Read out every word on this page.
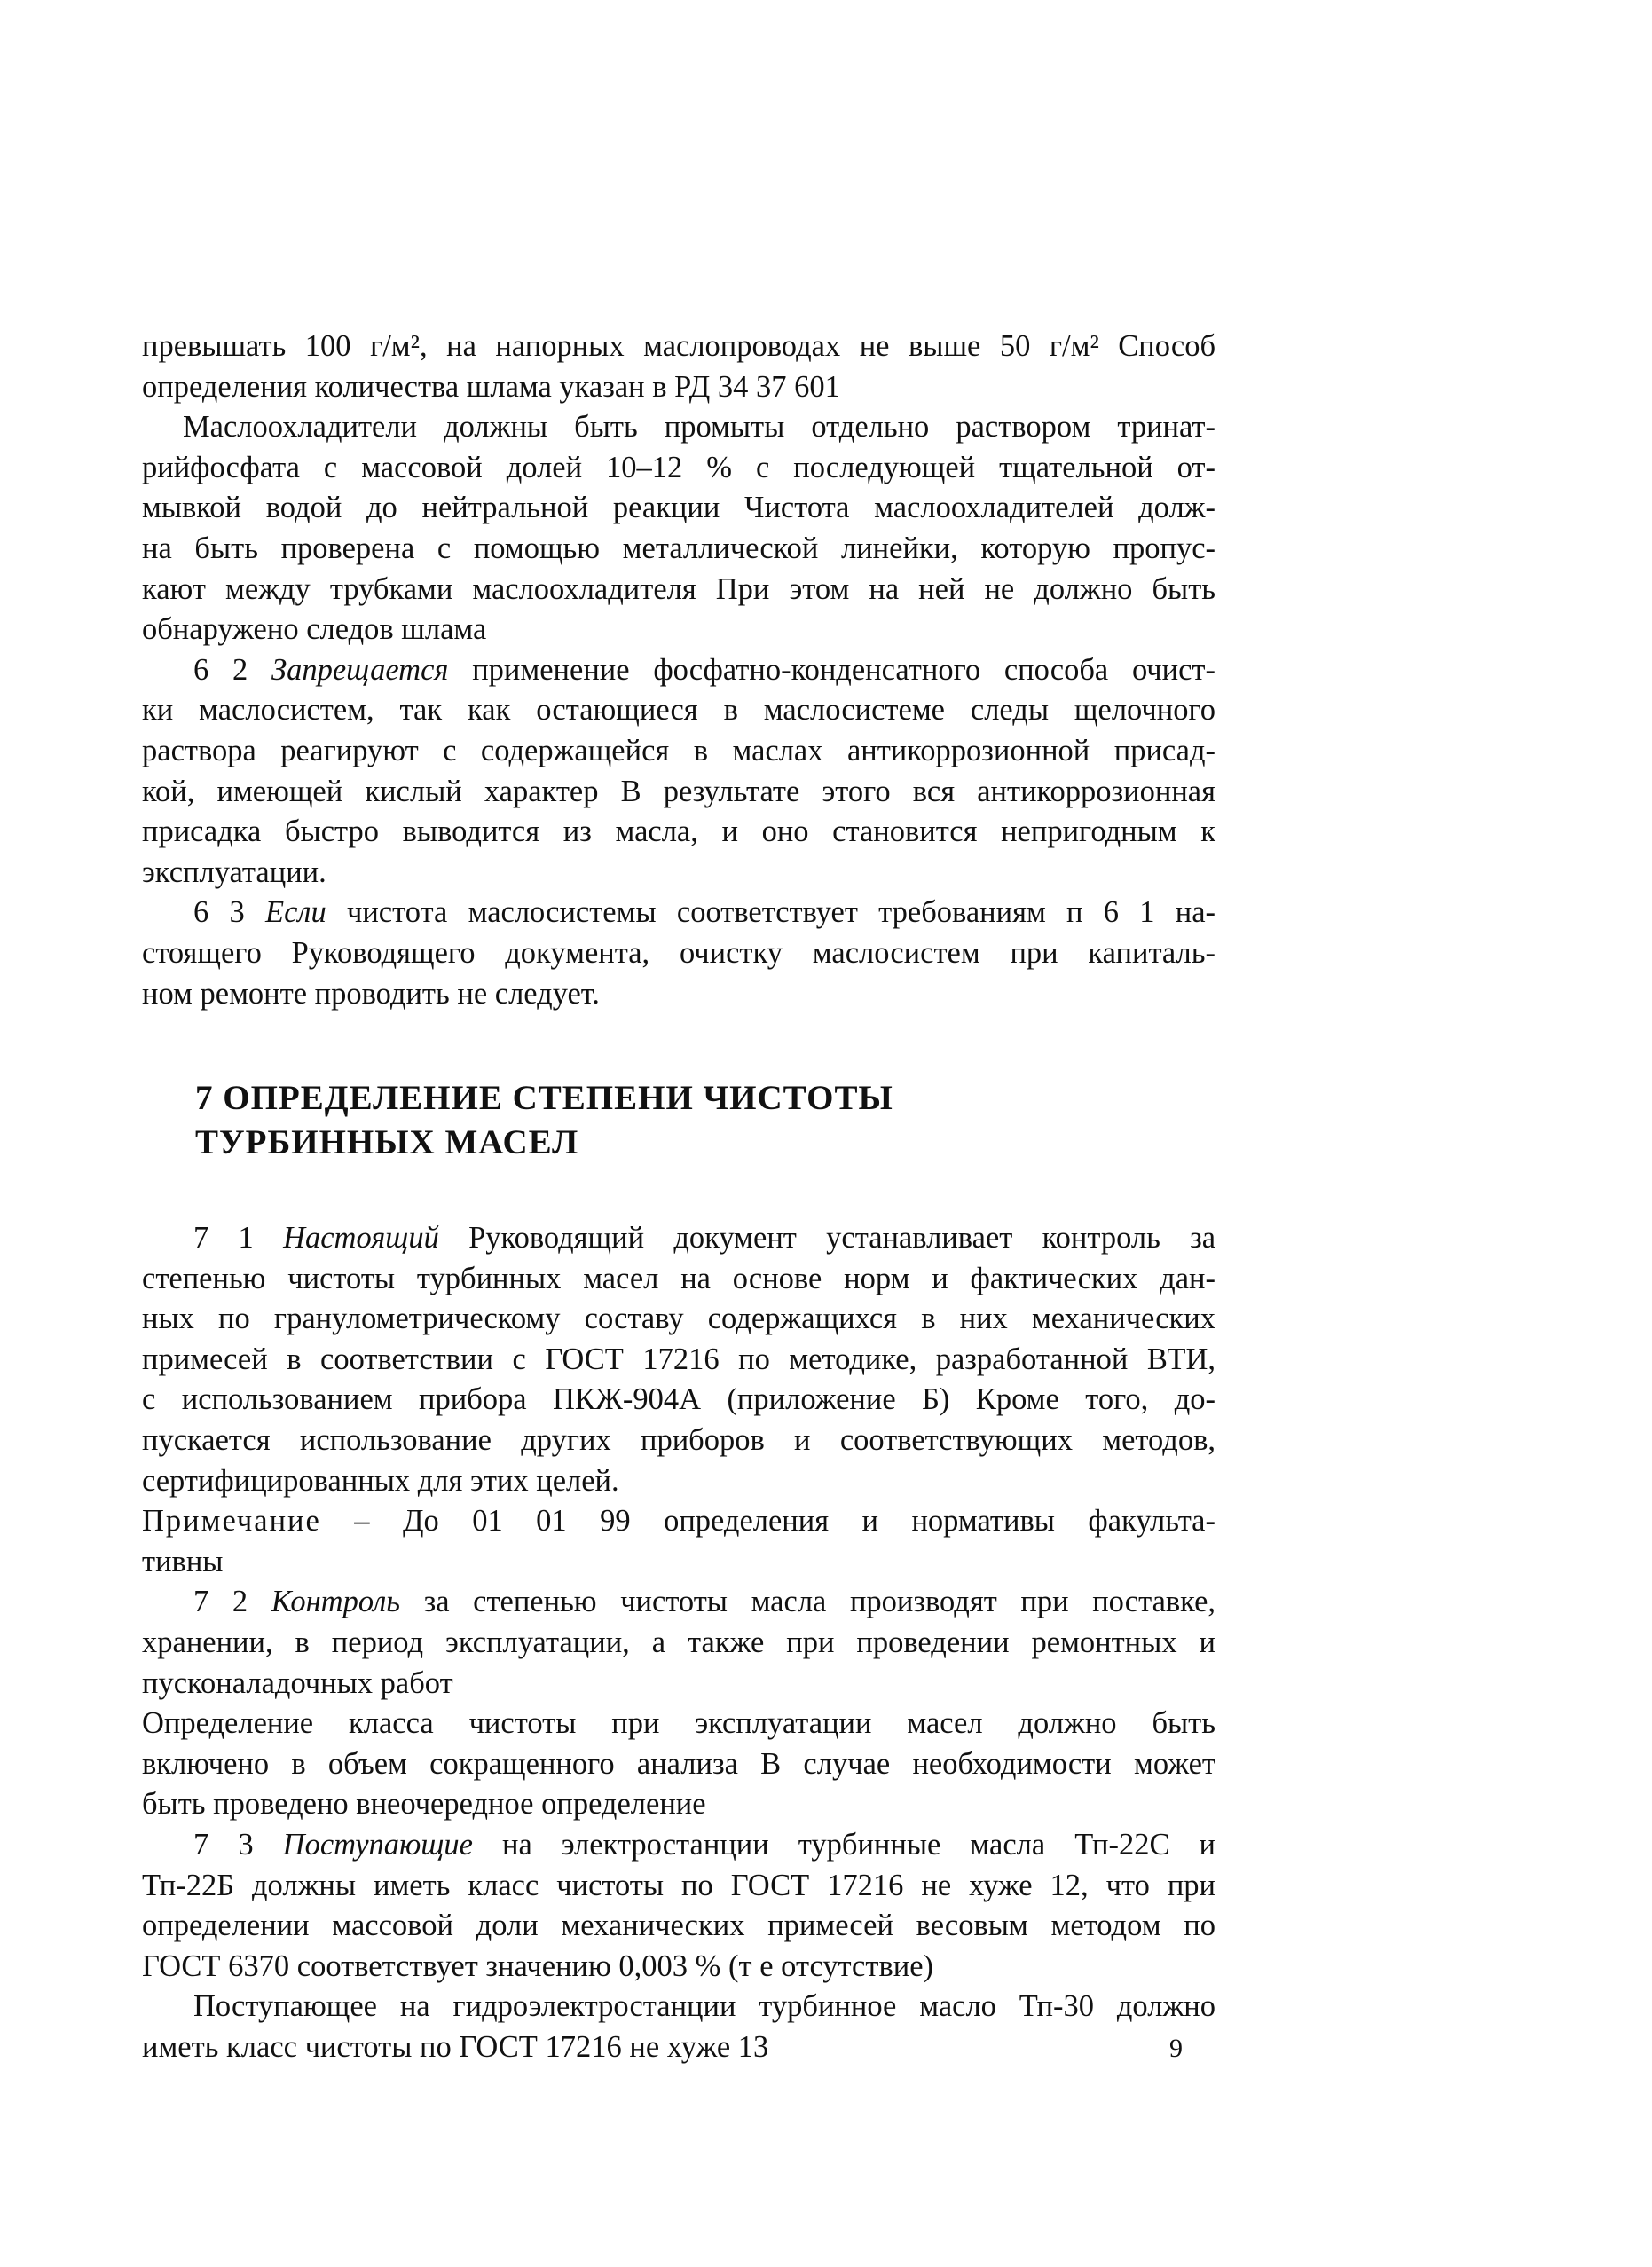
превышать 100 г/м², на напорных маслопроводах не выше 50 г/м² Способ
определения количества шлама указан в РД 34 37 601
Маслоохладители должны быть промыты отдельно раствором тринат-
рийфосфата с массовой долей 10–12 % с последующей тщательной от-
мывкой водой до нейтральной реакции Чистота маслоохладителей долж-
на быть проверена с помощью металлической линейки, которую пропус-
кают между трубками маслоохладителя При этом на ней не должно быть
обнаружено следов шлама
6 2 Запрещается применение фосфатно-конденсатного способа очист-
ки маслосистем, так как остающиеся в маслосистеме следы щелочного
раствора реагируют с содержащейся в маслах антикоррозионной присад-
кой, имеющей кислый характер В результате этого вся антикоррозионная
присадка быстро выводится из масла, и оно становится непригодным к
эксплуатации.
6 3 Если чистота маслосистемы соответствует требованиям п 6 1 на-
стоящего Руководящего документа, очистку маслосистем при капиталь-
ном ремонте проводить не следует.
7 ОПРЕДЕЛЕНИЕ СТЕПЕНИ ЧИСТОТЫ
ТУРБИННЫХ МАСЕЛ
7 1 Настоящий Руководящий документ устанавливает контроль за
степенью чистоты турбинных масел на основе норм и фактических дан-
ных по гранулометрическому составу содержащихся в них механических
примесей в соответствии с ГОСТ 17216 по методике, разработанной ВТИ,
с использованием прибора ПКЖ-904А (приложение Б) Кроме того, до-
пускается использование других приборов и соответствующих методов,
сертифицированных для этих целей.
Примечание – До 01 01 99 определения и нормативы факульта-
тивны
7 2 Контроль за степенью чистоты масла производят при поставке,
хранении, в период эксплуатации, а также при проведении ремонтных и
пусконаладочных работ
Определение класса чистоты при эксплуатации масел должно быть
включено в объем сокращенного анализа В случае необходимости может
быть проведено внеочередное определение
7 3 Поступающие на электростанции турбинные масла Тп-22С и
Тп-22Б должны иметь класс чистоты по ГОСТ 17216 не хуже 12, что при
определении массовой доли механических примесей весовым методом по
ГОСТ 6370 соответствует значению 0,003 % (т е отсутствие)
Поступающее на гидроэлектростанции турбинное масло Тп-30 должно
иметь класс чистоты по ГОСТ 17216 не хуже 13	9
